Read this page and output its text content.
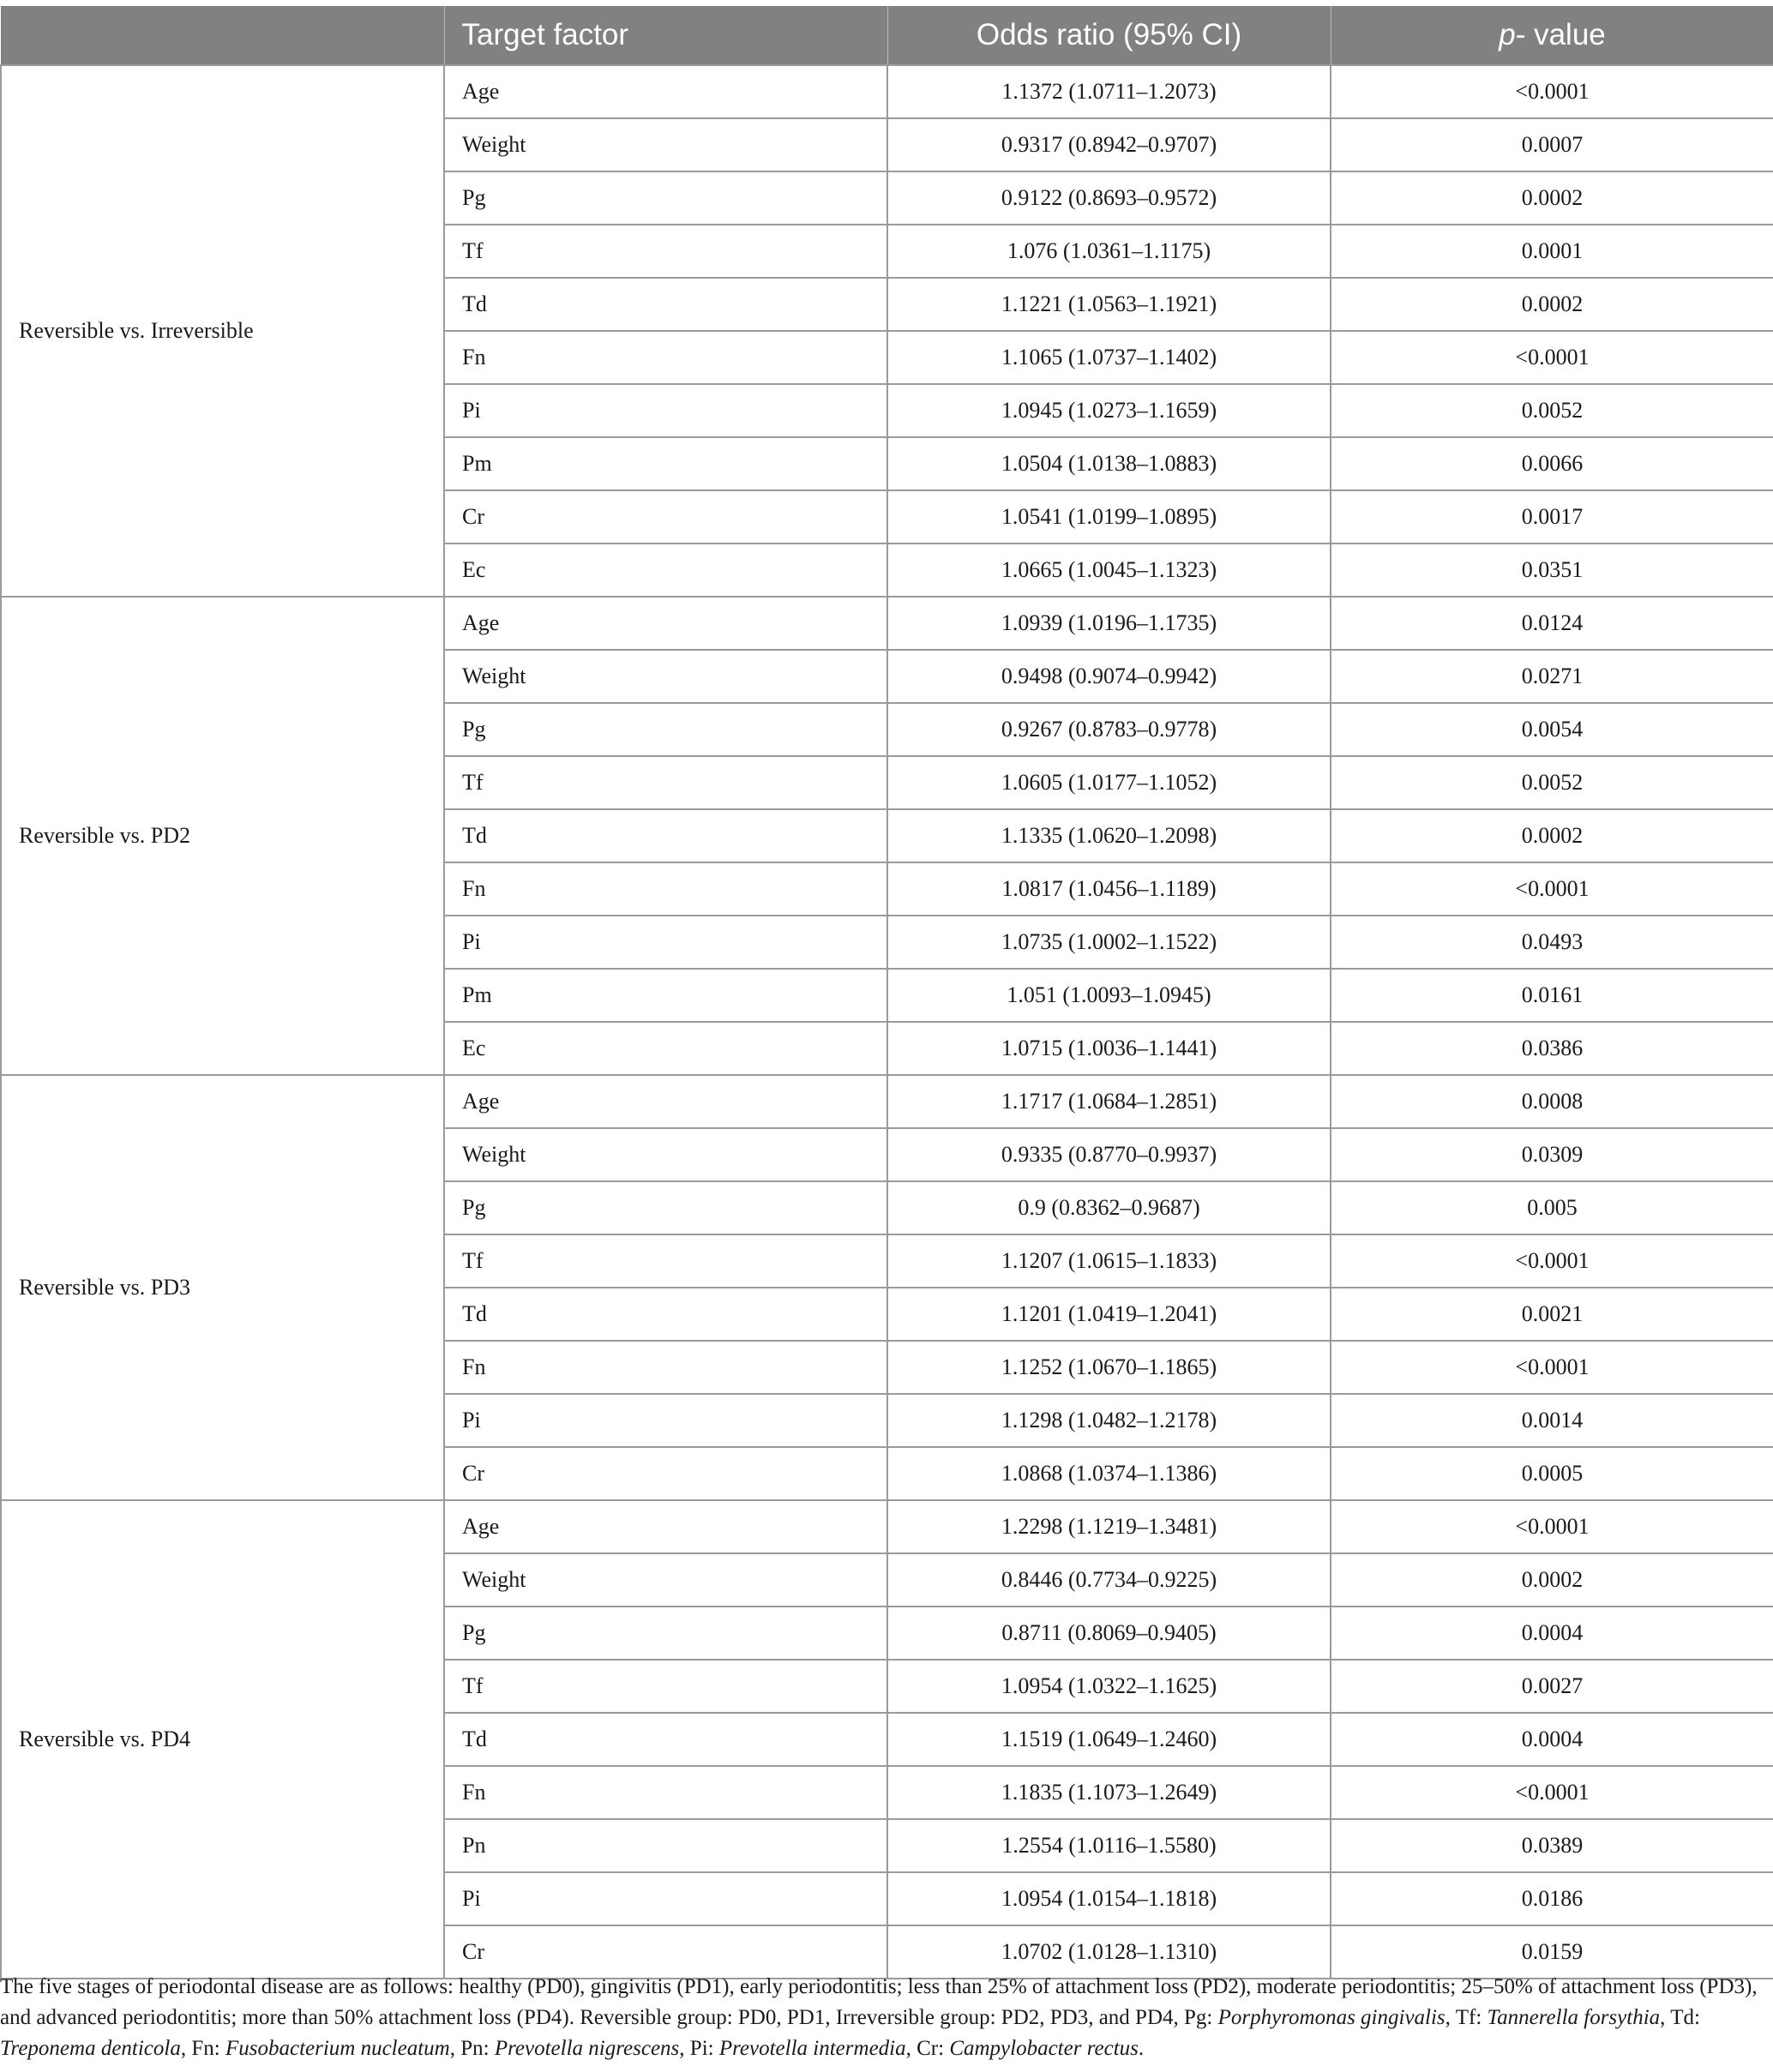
	Target factor	Odds ratio (95% CI)	p- value
Reversible vs. Irreversible	Age	1.1372 (1.0711–1.2073)	<0.0001
	Weight	0.9317 (0.8942–0.9707)	0.0007
	Pg	0.9122 (0.8693–0.9572)	0.0002
	Tf	1.076 (1.0361–1.1175)	0.0001
	Td	1.1221 (1.0563–1.1921)	0.0002
	Fn	1.1065 (1.0737–1.1402)	<0.0001
	Pi	1.0945 (1.0273–1.1659)	0.0052
	Pm	1.0504 (1.0138–1.0883)	0.0066
	Cr	1.0541 (1.0199–1.0895)	0.0017
	Ec	1.0665 (1.0045–1.1323)	0.0351
Reversible vs. PD2	Age	1.0939 (1.0196–1.1735)	0.0124
	Weight	0.9498 (0.9074–0.9942)	0.0271
	Pg	0.9267 (0.8783–0.9778)	0.0054
	Tf	1.0605 (1.0177–1.1052)	0.0052
	Td	1.1335 (1.0620–1.2098)	0.0002
	Fn	1.0817 (1.0456–1.1189)	<0.0001
	Pi	1.0735 (1.0002–1.1522)	0.0493
	Pm	1.051 (1.0093–1.0945)	0.0161
	Ec	1.0715 (1.0036–1.1441)	0.0386
Reversible vs. PD3	Age	1.1717 (1.0684–1.2851)	0.0008
	Weight	0.9335 (0.8770–0.9937)	0.0309
	Pg	0.9 (0.8362–0.9687)	0.005
	Tf	1.1207 (1.0615–1.1833)	<0.0001
	Td	1.1201 (1.0419–1.2041)	0.0021
	Fn	1.1252 (1.0670–1.1865)	<0.0001
	Pi	1.1298 (1.0482–1.2178)	0.0014
	Cr	1.0868 (1.0374–1.1386)	0.0005
Reversible vs. PD4	Age	1.2298 (1.1219–1.3481)	<0.0001
	Weight	0.8446 (0.7734–0.9225)	0.0002
	Pg	0.8711 (0.8069–0.9405)	0.0004
	Tf	1.0954 (1.0322–1.1625)	0.0027
	Td	1.1519 (1.0649–1.2460)	0.0004
	Fn	1.1835 (1.1073–1.2649)	<0.0001
	Pn	1.2554 (1.0116–1.5580)	0.0389
	Pi	1.0954 (1.0154–1.1818)	0.0186
	Cr	1.0702 (1.0128–1.1310)	0.0159
The five stages of periodontal disease are as follows: healthy (PD0), gingivitis (PD1), early periodontitis; less than 25% of attachment loss (PD2), moderate periodontitis; 25–50% of attachment loss (PD3), and advanced periodontitis; more than 50% attachment loss (PD4). Reversible group: PD0, PD1, Irreversible group: PD2, PD3, and PD4, Pg: Porphyromonas gingivalis, Tf: Tannerella forsythia, Td: Treponema denticola, Fn: Fusobacterium nucleatum, Pn: Prevotella nigrescens, Pi: Prevotella intermedia, Cr: Campylobacter rectus.
